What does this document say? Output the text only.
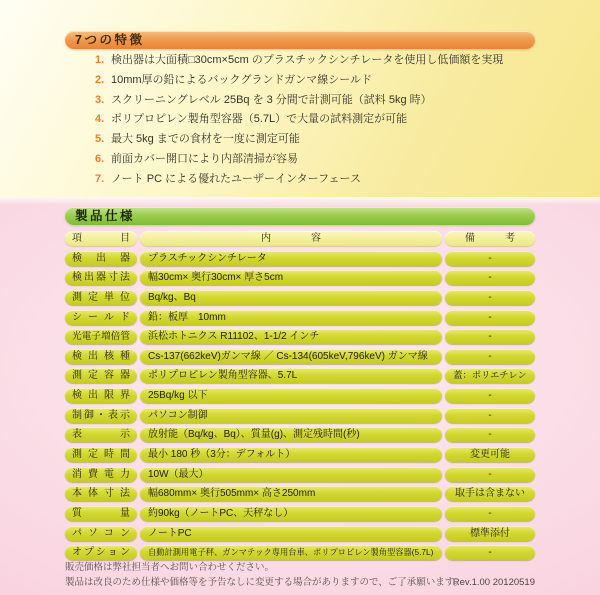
7つの特徴
1. 検出器は大面積□30cm×5cm のプラスチックシンチレータを使用し低価額を実現
2. 10mm厚の鉛によるバックグランドガンマ線シールド
3. スクリーニングレベル 25Bq を 3 分間で計測可能（試料 5kg 時）
4. ポリプロピレン製角型容器（5.7L）で大量の試料測定が可能
5. 最大 5kg までの食材を一度に測定可能
6. 前面カバー開口により内部清掃が容易
7. ノート PC による優れたユーザーインターフェース
製品仕様
項目	内　　　　容	備　　　考
検出器	プラスチックシンチレータ	-
検出器寸法	幅30cm× 奥行30cm× 厚さ5cm	-
測定単位	Bq/kg、Bq	-
シールド	鉛：板厚　10mm	-
光電子増倍管	浜松ホトニクス R11102、1-1/2 インチ	-
検出核種	Cs-137(662keV)ガンマ線 ／ Cs-134(605keV,796keV) ガンマ線	-
測定容器	ポリプロピレン製角型容器、5.7L	蓋：ポリエチレン
検出限界	25Bq/kg 以下	-
制御・表示	パソコン制御	-
表示	放射能（Bq/kg、Bq）、質量(g)、測定残時間(秒)	-
測定時間	最小 180 秒（3分：デフォルト）	変更可能
消費電力	10W（最大）	-
本体寸法	幅680mm× 奥行505mm× 高さ250mm	取手は含まない
質量	約90kg（ノートPC、天秤なし）	-
パソコン	ノートPC	標準添付
オプション	自動計測用電子秤、ガンマテック専用台車、ポリプロピレン製角型容器(5.7L)	-
販売価格は弊社担当者へお問い合わせください。
製品は改良のため仕様や価格等を予告なしに変更する場合がありますので、ご了承願います。
Rev.1.00 20120519
